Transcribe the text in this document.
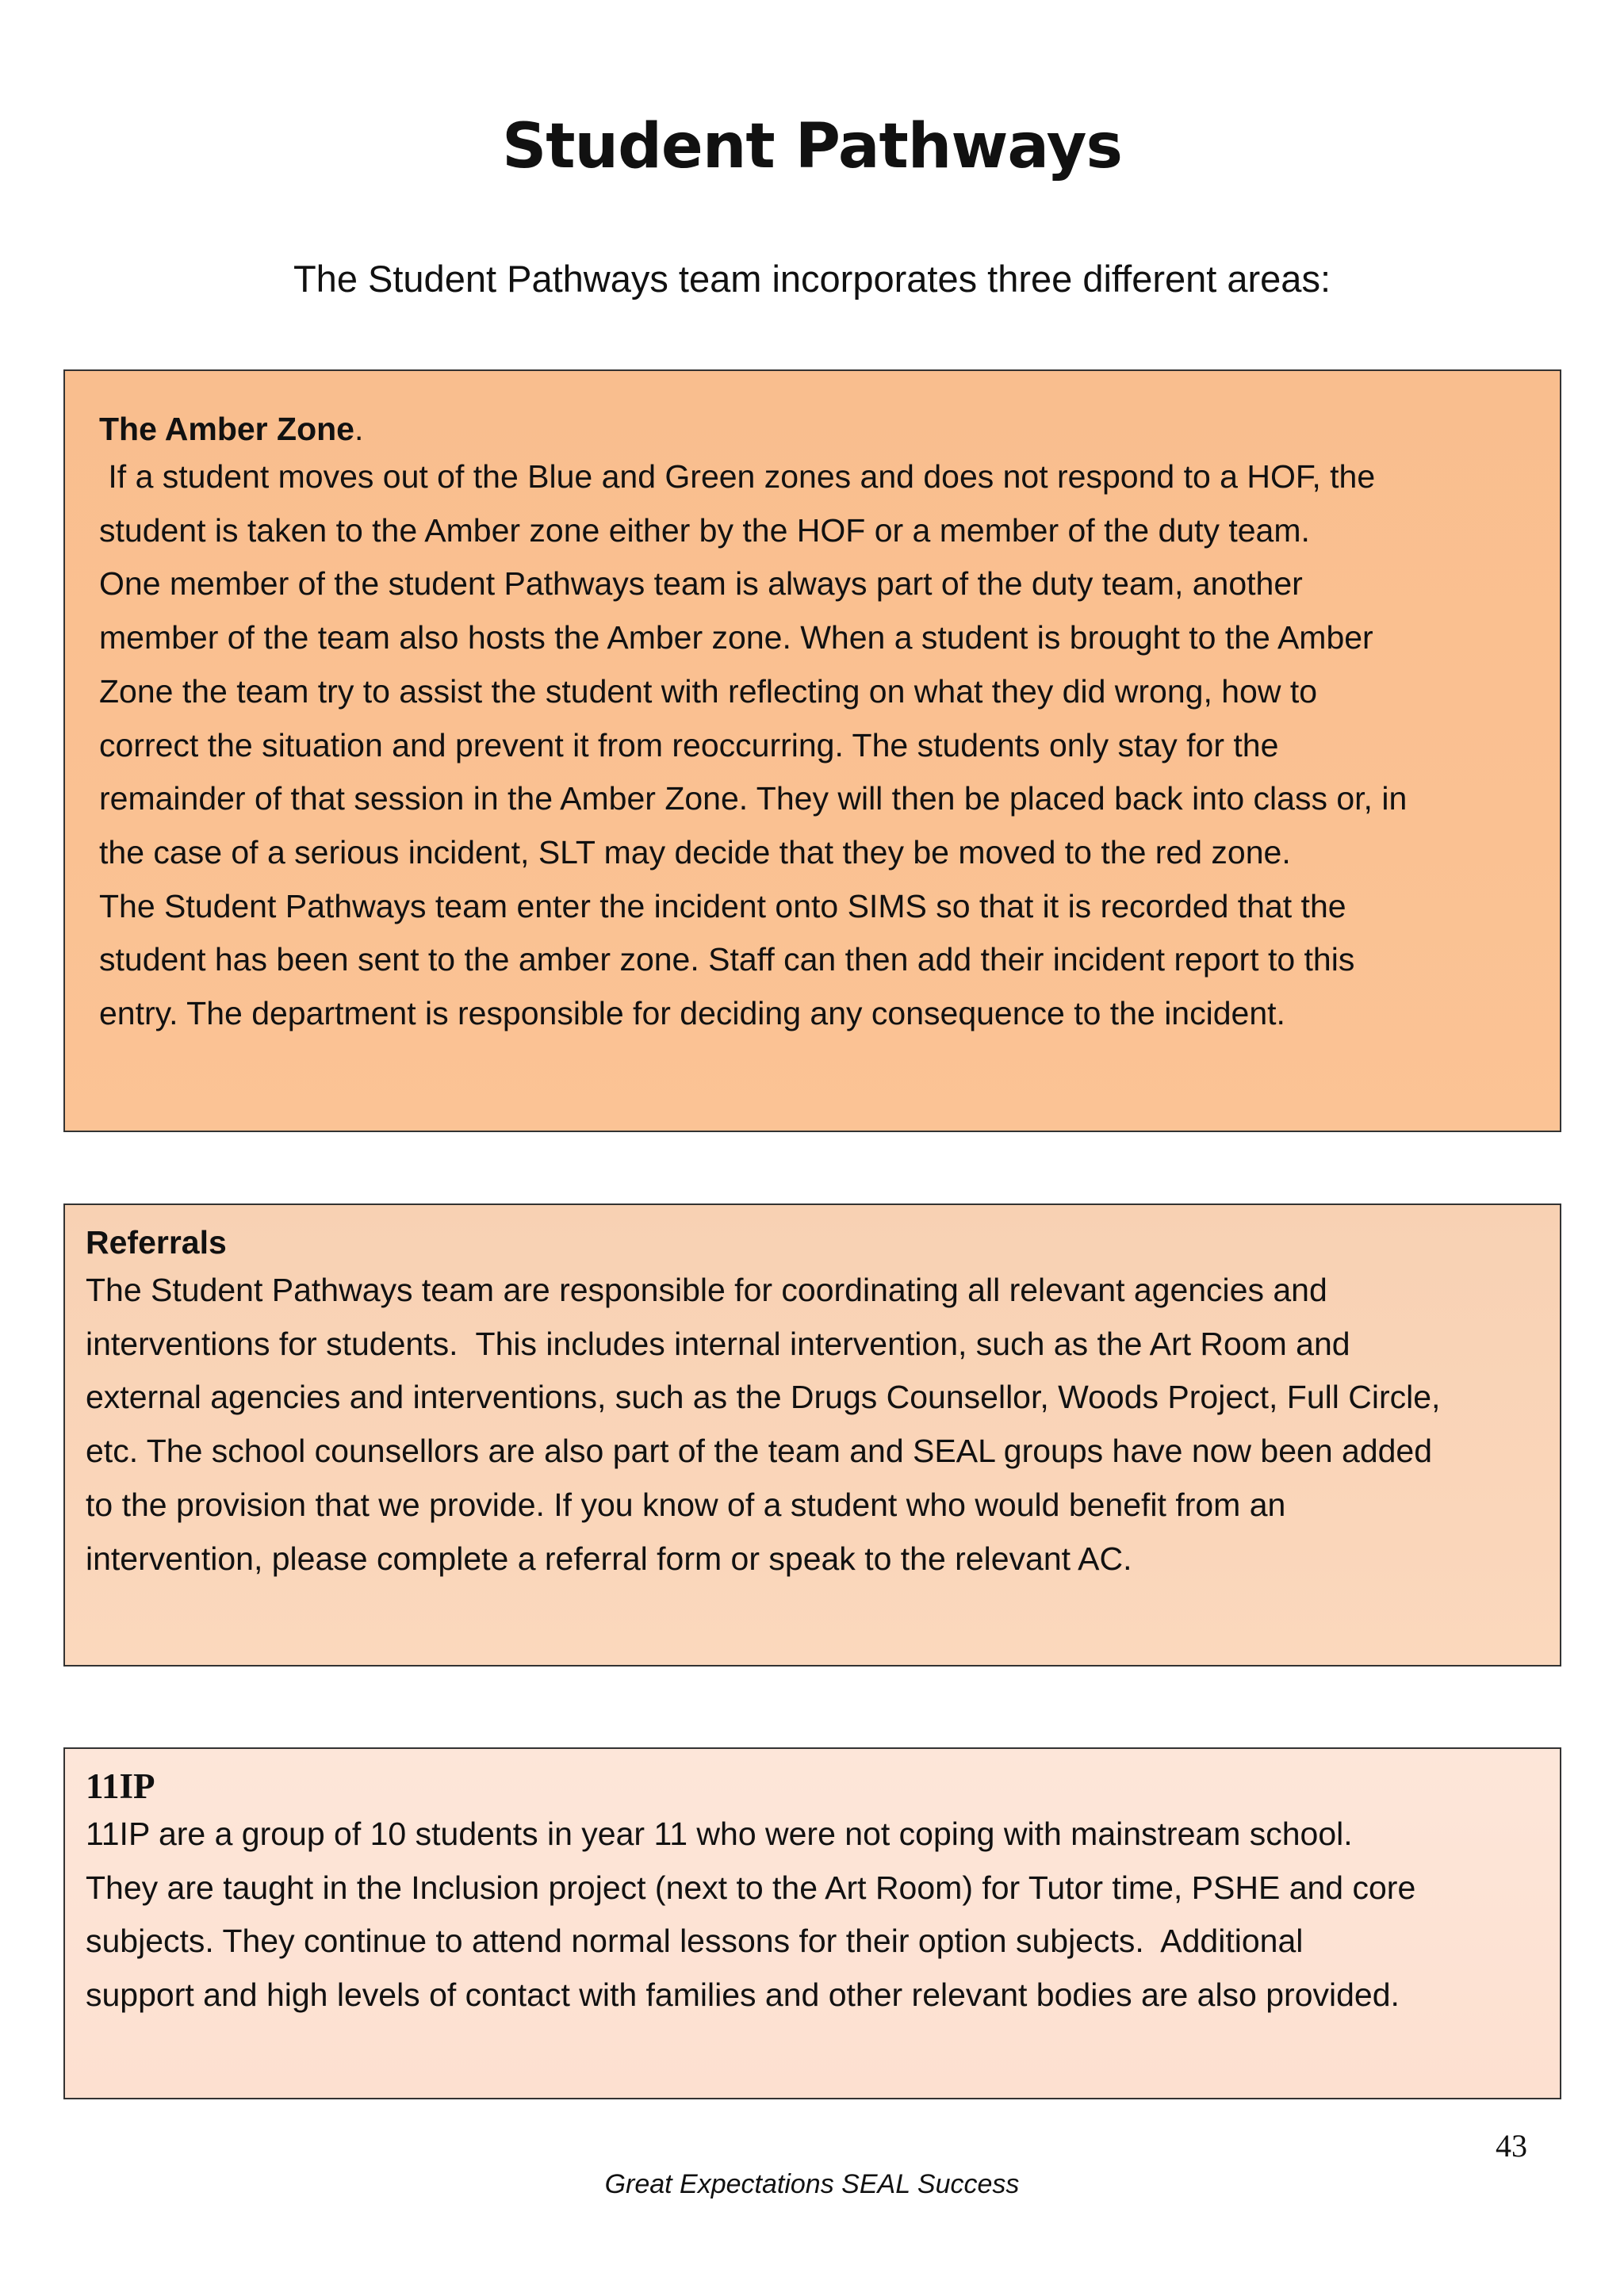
Student Pathways

The Student Pathways team incorporates three different areas:

The Amber Zone.
If a student moves out of the Blue and Green zones and does not respond to a HOF, the
student is taken to the Amber zone either by the HOF or a member of the duty team.
One member of the student Pathways team is always part of the duty team, another
member of the team also hosts the Amber zone. When a student is brought to the Amber
Zone the team try to assist the student with reflecting on what they did wrong, how to
correct the situation and prevent it from reoccurring. The students only stay for the
remainder of that session in the Amber Zone. They will then be placed back into class or, in
the case of a serious incident, SLT may decide that they be moved to the red zone.
The Student Pathways team enter the incident onto SIMS so that it is recorded that the
student has been sent to the amber zone. Staff can then add their incident report to this
entry. The department is responsible for deciding any consequence to the incident.
Referrals
The Student Pathways team are responsible for coordinating all relevant agencies and
interventions for students.  This includes internal intervention, such as the Art Room and
external agencies and interventions, such as the Drugs Counsellor, Woods Project, Full Circle,
etc. The school counsellors are also part of the team and SEAL groups have now been added
to the provision that we provide. If you know of a student who would benefit from an
intervention, please complete a referral form or speak to the relevant AC.
11IP
11IP are a group of 10 students in year 11 who were not coping with mainstream school.
They are taught in the Inclusion project (next to the Art Room) for Tutor time, PSHE and core
subjects. They continue to attend normal lessons for their option subjects.  Additional
support and high levels of contact with families and other relevant bodies are also provided.
43
Great Expectations SEAL Success
